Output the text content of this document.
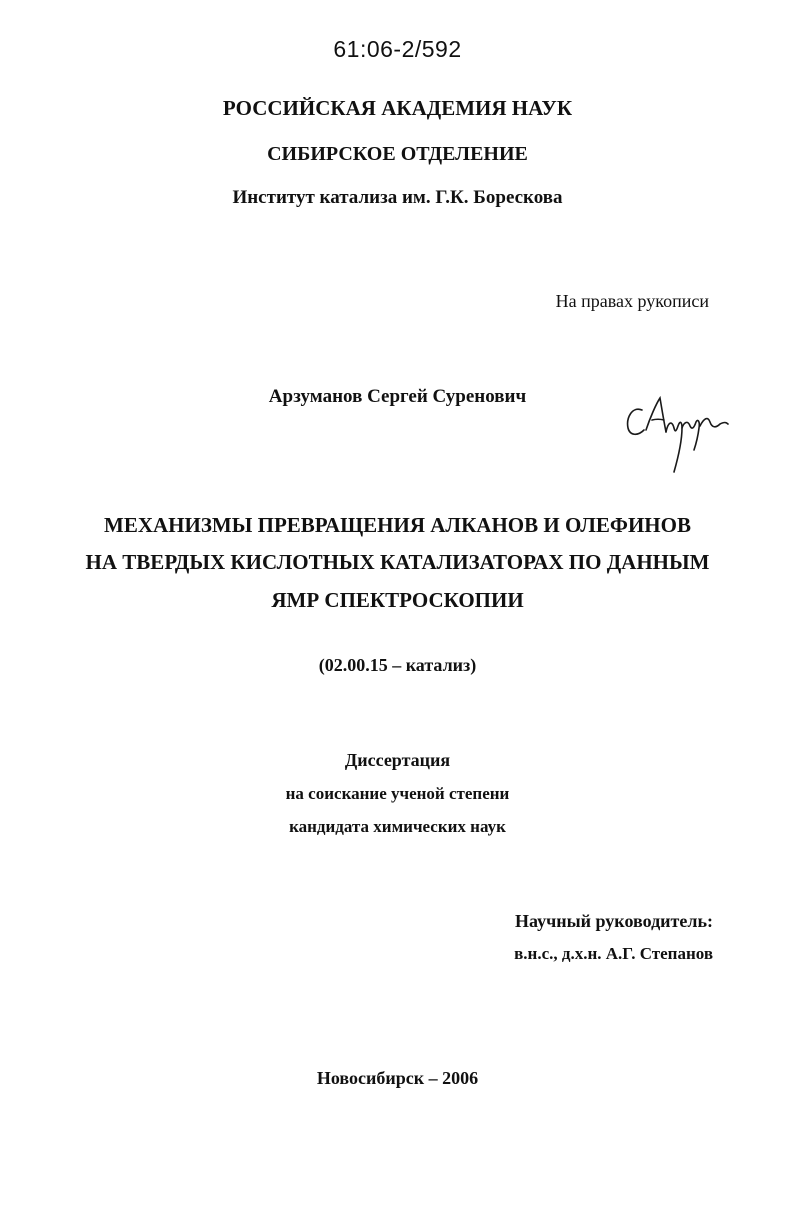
61:06-2/592
РОССИЙСКАЯ АКАДЕМИЯ НАУК
СИБИРСКОЕ ОТДЕЛЕНИЕ
Институт катализа им. Г.К. Борескова
На правах рукописи
Арзуманов Сергей Суренович
МЕХАНИЗМЫ ПРЕВРАЩЕНИЯ АЛКАНОВ И ОЛЕФИНОВ
НА ТВЕРДЫХ КИСЛОТНЫХ КАТАЛИЗАТОРАХ ПО ДАННЫМ
ЯМР СПЕКТРОСКОПИИ
(02.00.15 – катализ)
Диссертация
на соискание ученой степени
кандидата химических наук
Научный руководитель:
в.н.с., д.х.н. А.Г. Степанов
Новосибирск – 2006
